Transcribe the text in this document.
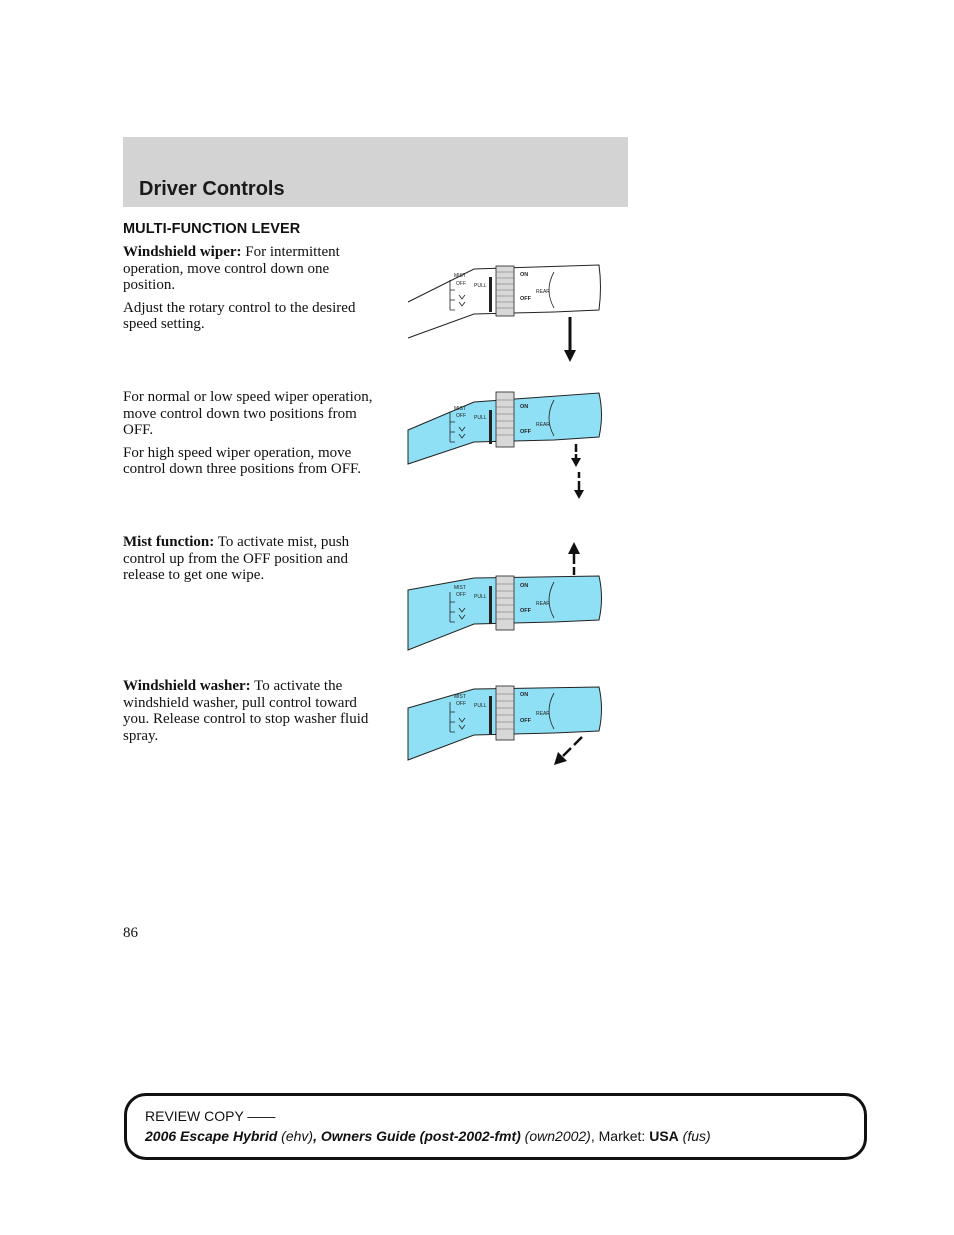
Driver Controls
MULTI-FUNCTION LEVER

Windshield wiper: For intermittent operation, move control down one position.

Adjust the rotary control to the desired speed setting.

For normal or low speed wiper operation, move control down two positions from OFF.

For high speed wiper operation, move control down three positions from OFF.

Mist function: To activate mist, push control up from the OFF position and release to get one wipe.

Windshield washer: To activate the windshield washer, pull control toward you. Release control to stop washer fluid spray.

MIST
OFF PULL
ON
OFF
REAR
MIST
OFF PULL
ON
OFF
REAR
MIST
OFF PULL
ON
OFF
REAR
MIST
OFF PULL
ON
OFF
REAR
86
REVIEW COPY ——
2006 Escape Hybrid (ehv), Owners Guide (post-2002-fmt) (own2002), Market: USA (fus)
